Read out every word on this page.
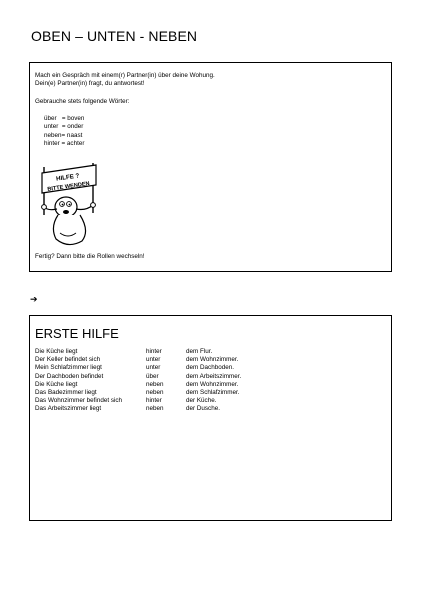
OBEN – UNTEN - NEBEN
Mach ein Gespräch mit einem(r) Partner(in) über deine Wohung.
Dein(e) Partner(in) fragt, du antwortest!
Gebrauche stets folgende Wörter:
über   = boven
unter  = onder
neben= naast
hinter = achter
HILFE ?
BITTE WENDEN
Fertig? Dann bitte die Rollen wechseln!
➔
ERSTE HILFE
Die Küche liegt	hinter	dem Flur.
Der Keller befindet sich	unter	dem Wohnzimmer.
Mein Schlafzimmer liegt	unter	dem Dachboden.
Der Dachboden befindet	über	dem Arbeitszimmer.
Die Küche liegt	neben	dem Wohnzimmer.
Das Badezimmer liegt	neben	dem Schlafzimmer.
Das Wohnzimmer befindet sich	hinter	der Küche.
Das Arbeitszimmer liegt	neben	der Dusche.
